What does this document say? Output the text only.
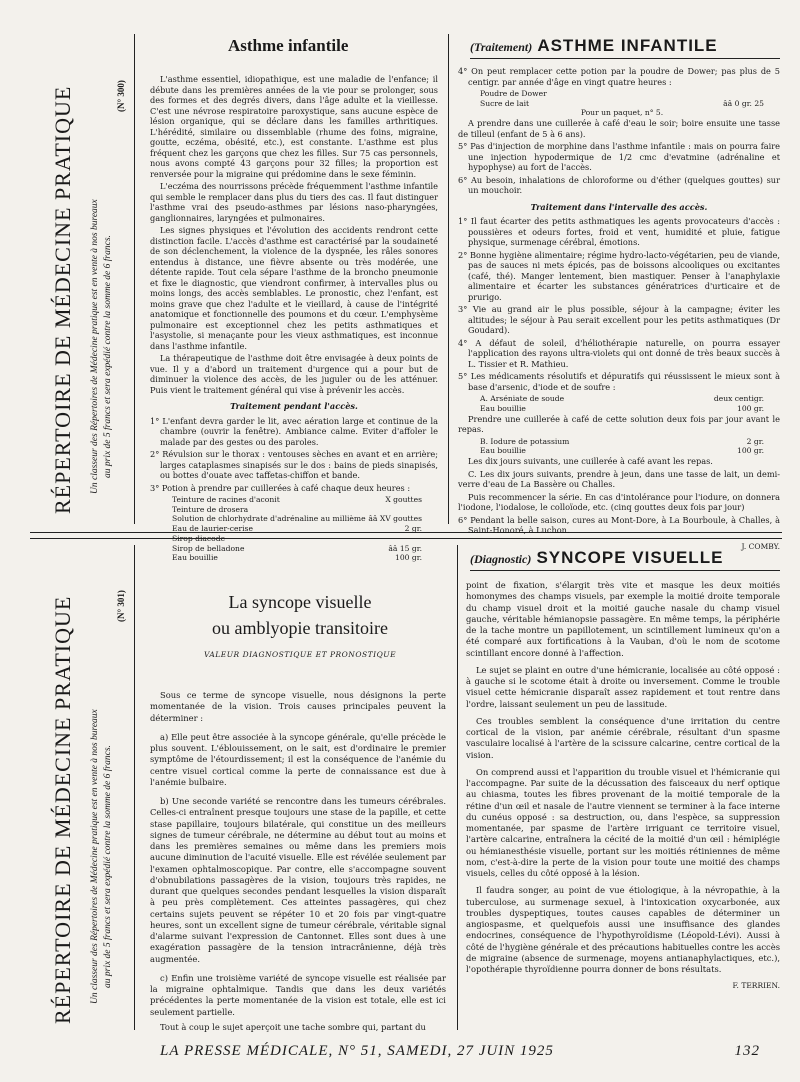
RÉPERTOIRE DE MÉDECINE PRATIQUE Un classeur des Répertoires de Médecine pratique est en vente à nos bureaux au prix de 5 francs et sera expédié contre la somme de 6 francs.
(N° 300)
RÉPERTOIRE DE MÉDECINE PRATIQUE Un classeur des Répertoires de Médecine pratique est en vente à nos bureaux au prix de 5 francs et sera expédié contre la somme de 6 francs.
(N° 301)
Asthme infantile	(Traitement) ASTHME INFANTILE

L'asthme essentiel, idiopathique, est une maladie de l'enfance; il débute dans les premières années de la vie pour se prolonger, sous des formes et des degrés divers, dans l'âge adulte et la vieillesse. C'est une névrose respiratoire paroxystique, sans aucune espèce de lésion organique, qui se déclare dans les familles arthritiques. L'hérédité, similaire ou dissemblable (rhume des foins, migraine, goutte, eczéma, obésité, etc.), est constante. L'asthme est plus fréquent chez les garçons que chez les filles. Sur 75 cas personnels, nous avons compté 43 garçons pour 32 filles; la proportion est renversée pour la migraine qui prédomine dans le sexe féminin.

L'eczéma des nourrissons précède fréquemment l'asthme infantile qui semble le remplacer dans plus du tiers des cas. Il faut distinguer l'asthme vrai des pseudo-asthmes par lésions naso-pharyngées, ganglionnaires, laryngées et pulmonaires.

Les signes physiques et l'évolution des accidents rendront cette distinction facile. L'accès d'asthme est caractérisé par la soudaineté de son déclenchement, la violence de la dyspnée, les râles sonores entendus à distance, une fièvre absente ou très modérée, une détente rapide. Tout cela sépare l'asthme de la broncho pneumonie et fixe le diagnostic, que viendront confirmer, à intervalles plus ou moins longs, des accès semblables. Le pronostic, chez l'enfant, est moins grave que chez l'adulte et le vieillard, à cause de l'intégrité anatomique et fonctionnelle des poumons et du cœur. L'emphysème pulmonaire est exceptionnel chez les petits asthmatiques et l'asystolie, si menaçante pour les vieux asthmatiques, est inconnue dans l'asthme infantile.

La thérapeutique de l'asthme doit être envisagée à deux points de vue. Il y a d'abord un traitement d'urgence qui a pour but de diminuer la violence des accès, de les juguler ou de les atténuer. Puis vient le traitement général qui vise à prévenir les accès.

Traitement pendant l'accès.
1° L'enfant devra garder le lit, avec aération large et continue de la chambre (ouvrir la fenêtre). Ambiance calme. Eviter d'affoler le malade par des gestes ou des paroles.
2° Révulsion sur le thorax : ventouses sèches en avant et en arrière; larges cataplasmes sinapisés sur le dos : bains de pieds sinapisés, ou bottes d'ouate avec taffetas-chiffon et bande.
3° Potion à prendre par cuillerées à café chaque deux heures :
Teinture de racines d'aconit	X gouttes
Teinture de drosera
Solution de chlorhydrate d'adrénaline au millième ââ XV gouttes
Eau de laurier-cerise	2 gr.
Sirop diacode
Sirop de belladone	ââ 15 gr.
Eau bouillie	100 gr.
4° On peut remplacer cette potion par la poudre de Dower; pas plus de 5 centigr. par année d'âge en vingt quatre heures :
Poudre de Dower
Sucre de lait	ââ 0 gr. 25
Pour un paquet, n° 5.

A prendre dans une cuillerée à café d'eau le soir; boire ensuite une tasse de tilleul (enfant de 5 à 6 ans).

5° Pas d'injection de morphine dans l'asthme infantile : mais on pourra faire une injection hypodermique de 1/2 cmc d'evatmine (adrénaline et hypophyse) au fort de l'accès.
6° Au besoin, inhalations de chloroforme ou d'éther (quelques gouttes) sur un mouchoir.
Traitement dans l'intervalle des accès.
1° Il faut écarter des petits asthmatiques les agents provocateurs d'accès : poussières et odeurs fortes, froid et vent, humidité et pluie, fatigue physique, surmenage cérébral, émotions.
2° Bonne hygiène alimentaire; régime hydro-lacto-végétarien, peu de viande, pas de sauces ni mets épicés, pas de boissons alcooliques ou excitantes (café, thé). Manger lentement, bien mastiquer. Penser à l'anaphylaxie alimentaire et écarter les substances génératrices d'urticaire et de prurigo.
3° Vie au grand air le plus possible, séjour à la campagne; éviter les altitudes; le séjour à Pau serait excellent pour les petits asthmatiques (Dr Goudard).
4° A défaut de soleil, d'héliothérapie naturelle, on pourra essayer l'application des rayons ultra-violets qui ont donné de très beaux succès à L. Tissier et R. Mathieu.
5° Les médicaments résolutifs et dépuratifs qui réussissent le mieux sont à base d'arsenic, d'iode et de soufre :
A. Arséniate de soude	deux centigr.
Eau bouillie	100 gr.

Prendre une cuillerée à café de cette solution deux fois par jour avant le repas.

B. Iodure de potassium	2 gr.
Eau bouillie	100 gr.

Les dix jours suivants, une cuillerée à café avant les repas.

C. Les dix jours suivants, prendre à jeun, dans une tasse de lait, un demi-verre d'eau de La Bassère ou Challes.

Puis recommencer la série. En cas d'intolérance pour l'iodure, on donnera l'iodone, l'iodalose, le colloïode, etc. (cinq gouttes deux fois par jour)

6° Pendant la belle saison, cures au Mont-Dore, à La Bourboule, à Challes, à Saint-Honoré, à Luchon.
J. COMBY.
(Diagnostic) SYNCOPE VISUELLE
La syncope visuelle
ou amblyopie transitoire
VALEUR DIAGNOSTIQUE ET PRONOSTIQUE

Sous ce terme de syncope visuelle, nous désignons la perte momentanée de la vision. Trois causes principales peuvent la déterminer :

a) Elle peut être associée à la syncope générale, qu'elle précède le plus souvent. L'éblouissement, on le sait, est d'ordinaire le premier symptôme de l'étourdissement; il est la conséquence de l'anémie du centre visuel cortical comme la perte de connaissance est due à l'anémie bulbaire.

b) Une seconde variété se rencontre dans les tumeurs cérébrales. Celles-ci entraînent presque toujours une stase de la papille, et cette stase papillaire, toujours bilatérale, qui constitue un des meilleurs signes de tumeur cérébrale, ne détermine au début tout au moins et dans les premières semaines ou même dans les premiers mois aucune diminution de l'acuité visuelle. Elle est révélée seulement par l'examen ophtalmoscopique. Par contre, elle s'accompagne souvent d'obnubilations passagères de la vision, toujours très rapides, ne durant que quelques secondes pendant lesquelles la vision disparaît à peu près complètement. Ces atteintes passagères, qui chez certains sujets peuvent se répéter 10 et 20 fois par vingt-quatre heures, sont un excellent signe de tumeur cérébrale, véritable signal d'alarme suivant l'expression de Cantonnet. Elles sont dues à une exagération passagère de la tension intracrânienne, déjà très augmentée.

c) Enfin une troisième variété de syncope visuelle est réalisée par la migraine ophtalmique. Tandis que dans les deux variétés précédentes la perte momentanée de la vision est totale, elle est ici seulement partielle.

Tout à coup le sujet aperçoit une tache sombre qui, partant du

point de fixation, s'élargit très vite et masque les deux moitiés homonymes des champs visuels, par exemple la moitié droite temporale du champ visuel droit et la moitié gauche nasale du champ visuel gauche, véritable hémianopsie passagère. En même temps, la périphérie de la tache montre un papillotement, un scintillement lumineux qu'on a été comparé aux fortifications à la Vauban, d'où le nom de scotome scintillant encore donné à l'affection.

Le sujet se plaint en outre d'une hémicranie, localisée au côté opposé : à gauche si le scotome était à droite ou inversement. Comme le trouble visuel cette hémicranie disparaît assez rapidement et tout rentre dans l'ordre, laissant seulement un peu de lassitude.

Ces troubles semblent la conséquence d'une irritation du centre cortical de la vision, par anémie cérébrale, résultant d'un spasme vasculaire localisé à l'artère de la scissure calcarine, centre cortical de la vision.

On comprend aussi et l'apparition du trouble visuel et l'hémicranie qui l'accompagne. Par suite de la décussation des faisceaux du nerf optique au chiasma, toutes les fibres provenant de la moitié temporale de la rétine d'un œil et nasale de l'autre viennent se terminer à la face interne du cunéus opposé : sa destruction, ou, dans l'espèce, sa suppression momentanée, par spasme de l'artère irriguant ce territoire visuel, l'artère calcarine, entraînera la cécité de la moitié d'un œil : hémiplégie ou hémianesthésie visuelle, portant sur les moitiés rétiniennes de même nom, c'est-à-dire la perte de la vision pour toute une moitié des champs visuels, celles du côté opposé à la lésion.

Il faudra songer, au point de vue étiologique, à la névropathie, à la tuberculose, au surmenage sexuel, à l'intoxication oxycarbonée, aux troubles dyspeptiques, toutes causes capables de déterminer un angiospasme, et quelquefois aussi une insuffisance des glandes endocrines, conséquence de l'hypothyroïdisme (Léopold-Lévi). Aussi à côté de l'hygiène générale et des précautions habituelles contre les accès de migraine (absence de surmenage, moyens antianaphylactiques, etc.), l'opothérapie thyroïdienne pourra donner de bons résultats.

F. TERRIEN.
LA PRESSE MÉDICALE, N° 51, SAMEDI, 27 JUIN 1925	132
